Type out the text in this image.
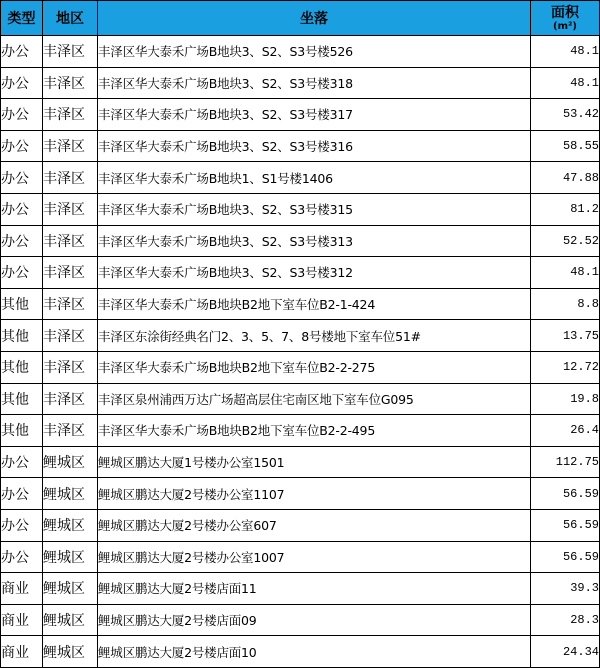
类型	地区	坐落	面积
(m²)

办公	丰泽区	丰泽区华大泰禾广场B地块3、S2、S3号楼526	48.1
办公	丰泽区	丰泽区华大泰禾广场B地块3、S2、S3号楼318	48.1
办公	丰泽区	丰泽区华大泰禾广场B地块3、S2、S3号楼317	53.42
办公	丰泽区	丰泽区华大泰禾广场B地块3、S2、S3号楼316	58.55
办公	丰泽区	丰泽区华大泰禾广场B地块1、S1号楼1406	47.88
办公	丰泽区	丰泽区华大泰禾广场B地块3、S2、S3号楼315	81.2
办公	丰泽区	丰泽区华大泰禾广场B地块3、S2、S3号楼313	52.52
办公	丰泽区	丰泽区华大泰禾广场B地块3、S2、S3号楼312	48.1
其他	丰泽区	丰泽区华大泰禾广场B地块B2地下室车位B2-1-424	8.8
其他	丰泽区	丰泽区东涂街经典名门2、3、5、7、8号楼地下室车位51#	13.75
其他	丰泽区	丰泽区华大泰禾广场B地块B2地下室车位B2-2-275	12.72
其他	丰泽区	丰泽区泉州浦西万达广场超高层住宅南区地下室车位G095	19.8
其他	丰泽区	丰泽区华大泰禾广场B地块B2地下室车位B2-2-495	26.4
办公	鲤城区	鲤城区鹏达大厦1号楼办公室1501	112.75
办公	鲤城区	鲤城区鹏达大厦2号楼办公室1107	56.59
办公	鲤城区	鲤城区鹏达大厦2号楼办公室607	56.59
办公	鲤城区	鲤城区鹏达大厦2号楼办公室1007	56.59
商业	鲤城区	鲤城区鹏达大厦2号楼店面11	39.3
商业	鲤城区	鲤城区鹏达大厦2号楼店面09	28.3
商业	鲤城区	鲤城区鹏达大厦2号楼店面10	24.34
